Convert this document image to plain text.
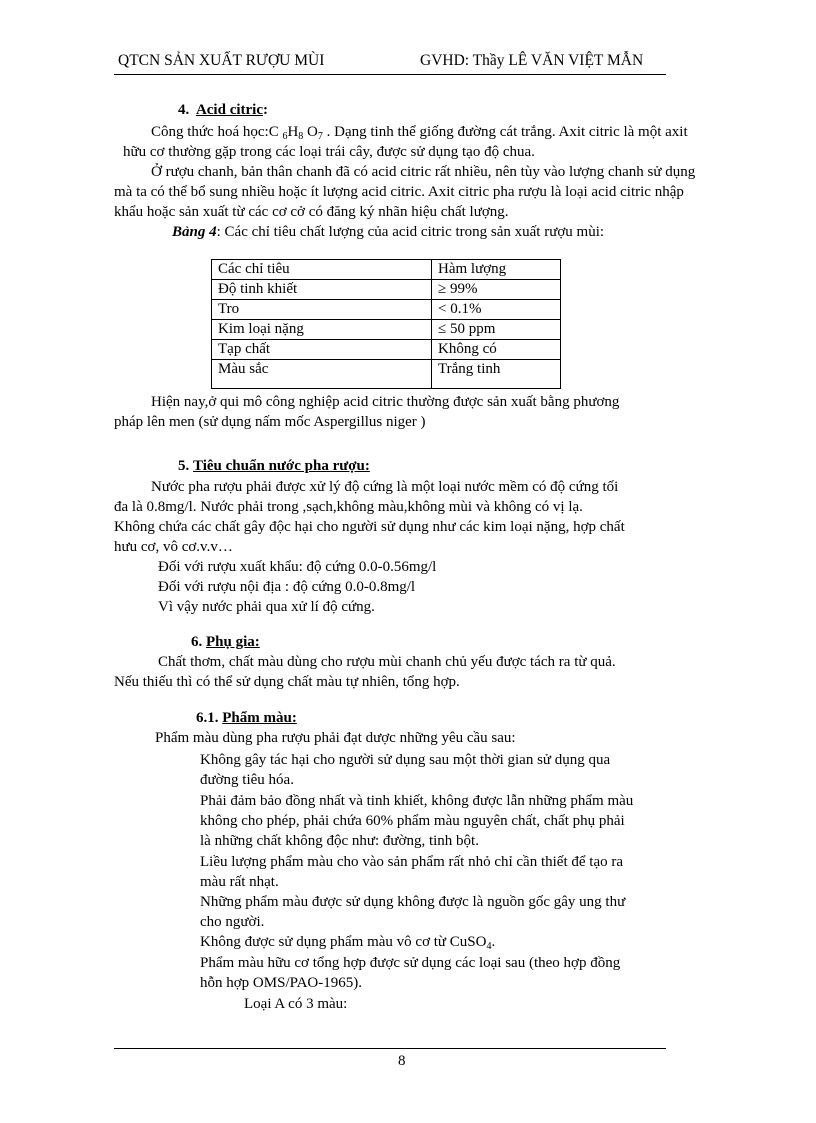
QTCN SẢN XUẤT RƯỢU MÙI	GVHD: Thầy LÊ VĂN VIỆT MẪN
4. Acid citric:
Công thức hoá học:C $_6H_8$ $O_7$ . Dạng tinh thể giống đường cát trắng. Axit citric là một axit
hữu cơ thường gặp trong các loại trái cây, được sử dụng tạo độ chua.
Ở rượu chanh, bản thân chanh đã có acid citric rất nhiều, nên tùy vào lượng chanh sử dụng
mà ta có thể bổ sung nhiều hoặc ít lượng acid citric. Axit citric pha rượu là loại acid citric nhập
khẩu hoặc sản xuất từ các cơ cở có đăng ký nhãn hiệu chất lượng.
Bảng 4: Các chỉ tiêu chất lượng của acid citric trong sản xuất rượu mùi:
Các chỉ tiêu	Hàm lượng
Độ tinh khiết	≥ 99%
Tro	< 0.1%
Kim loại nặng	≤ 50 ppm
Tạp chất	Không có
Màu sắc	Trắng tinh
Hiện nay,ở qui mô công nghiệp acid citric thường được sản xuất bằng phương
pháp lên men (sử dụng nấm mốc Aspergillus niger )
5. Tiêu chuẩn nước pha rượu:
Nước pha rượu phải được xử lý độ cứng là một loại nước mềm có độ cứng tối
đa là 0.8mg/l. Nước phải trong ,sạch,không màu,không mùi và không có vị lạ.
Không chứa các chất gây độc hại cho người sử dụng như các kim loại nặng, hợp chất
hưu cơ, vô cơ.v.v…
Đối với rượu xuất khẩu: độ cứng 0.0-0.56mg/l
Đối với rượu nội địa : độ cứng 0.0-0.8mg/l
Vì vậy nước phải qua xử lí độ cứng.
6. Phụ gia:
Chất thơm, chất màu dùng cho rượu mùi chanh chủ yếu được tách ra từ quả.
Nếu thiếu thì có thể sử dụng chất màu tự nhiên, tổng hợp.
6.1. Phẩm màu:
Phẩm màu dùng pha rượu phải đạt dược những yêu cầu sau:
Không gây tác hại cho người sử dụng sau một thời gian sử dụng qua
đường tiêu hóa.
Phải đảm bảo đồng nhất và tinh khiết, không được lẫn những phẩm màu
không cho phép, phải chứa 60% phẩm màu nguyên chất, chất phụ phải
là những chất không độc như: đường, tinh bột.
Liều lượng phẩm màu cho vào sản phẩm rất nhỏ chỉ cần thiết để tạo ra
màu rất nhạt.
Những phẩm màu được sử dụng không được là nguồn gốc gây ung thư
cho người.
Không được sử dụng phẩm màu vô cơ từ CuSO$_4$.
Phẩm màu hữu cơ tổng hợp được sử dụng các loại sau (theo hợp đồng
hỗn hợp OMS/PAO-1965).
Loại A có 3 màu:
8
